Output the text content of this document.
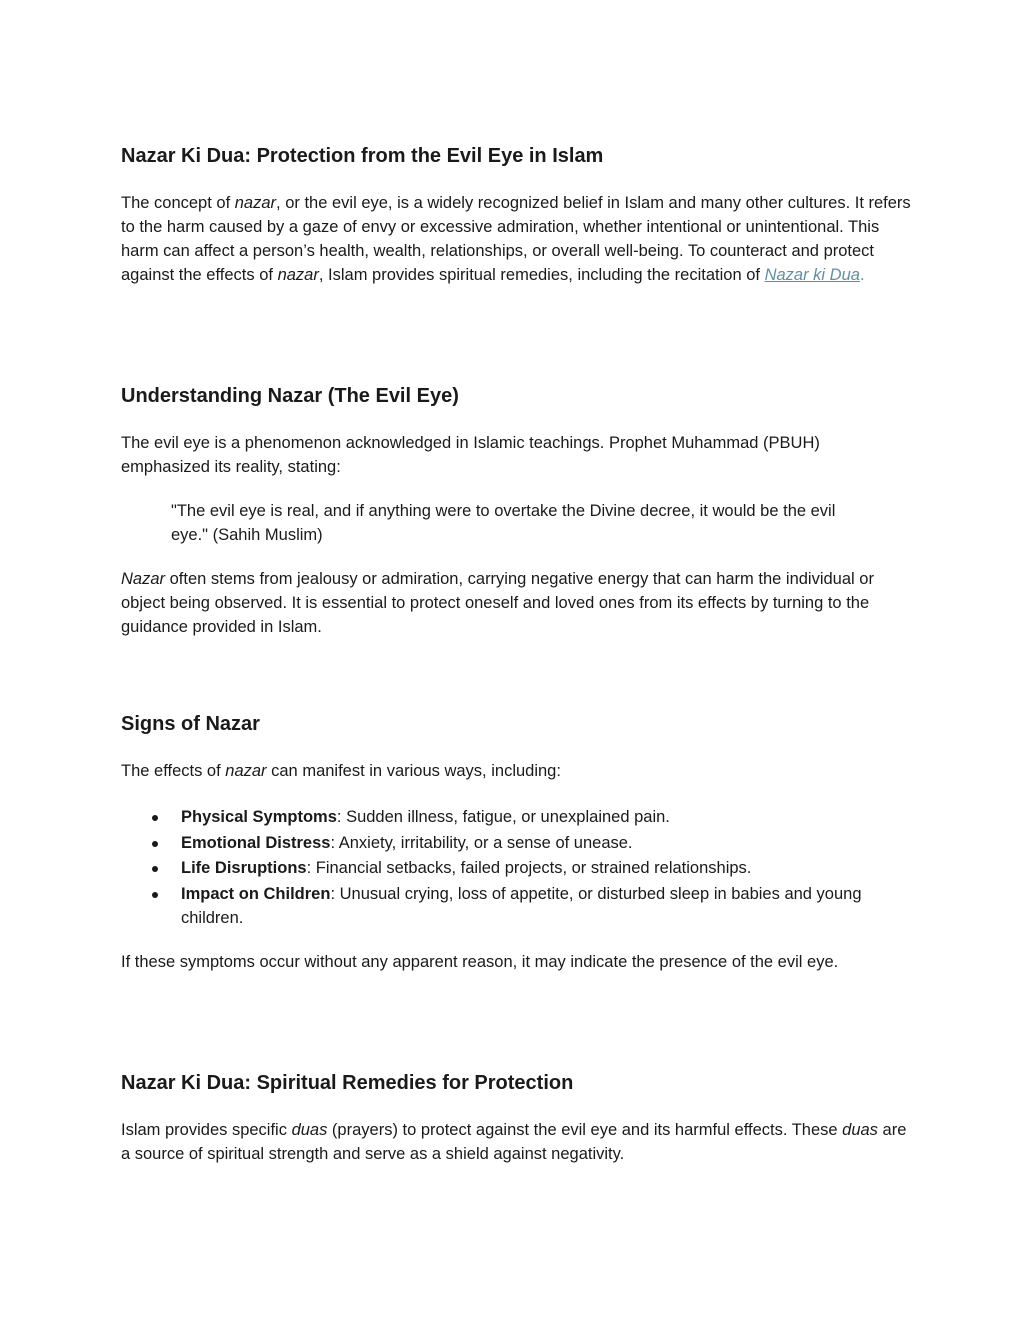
Nazar Ki Dua: Protection from the Evil Eye in Islam

The concept of nazar, or the evil eye, is a widely recognized belief in Islam and many other cultures. It refers to the harm caused by a gaze of envy or excessive admiration, whether intentional or unintentional. This harm can affect a person’s health, wealth, relationships, or overall well-being. To counteract and protect against the effects of nazar, Islam provides spiritual remedies, including the recitation of Nazar ki Dua.

Understanding Nazar (The Evil Eye)

The evil eye is a phenomenon acknowledged in Islamic teachings. Prophet Muhammad (PBUH) emphasized its reality, stating:

"The evil eye is real, and if anything were to overtake the Divine decree, it would be the evil eye." (Sahih Muslim)

Nazar often stems from jealousy or admiration, carrying negative energy that can harm the individual or object being observed. It is essential to protect oneself and loved ones from its effects by turning to the guidance provided in Islam.

Signs of Nazar

The effects of nazar can manifest in various ways, including:

Physical Symptoms: Sudden illness, fatigue, or unexplained pain.
Emotional Distress: Anxiety, irritability, or a sense of unease.
Life Disruptions: Financial setbacks, failed projects, or strained relationships.
Impact on Children: Unusual crying, loss of appetite, or disturbed sleep in babies and young children.

If these symptoms occur without any apparent reason, it may indicate the presence of the evil eye.

Nazar Ki Dua: Spiritual Remedies for Protection

Islam provides specific duas (prayers) to protect against the evil eye and its harmful effects. These duas are a source of spiritual strength and serve as a shield against negativity.
